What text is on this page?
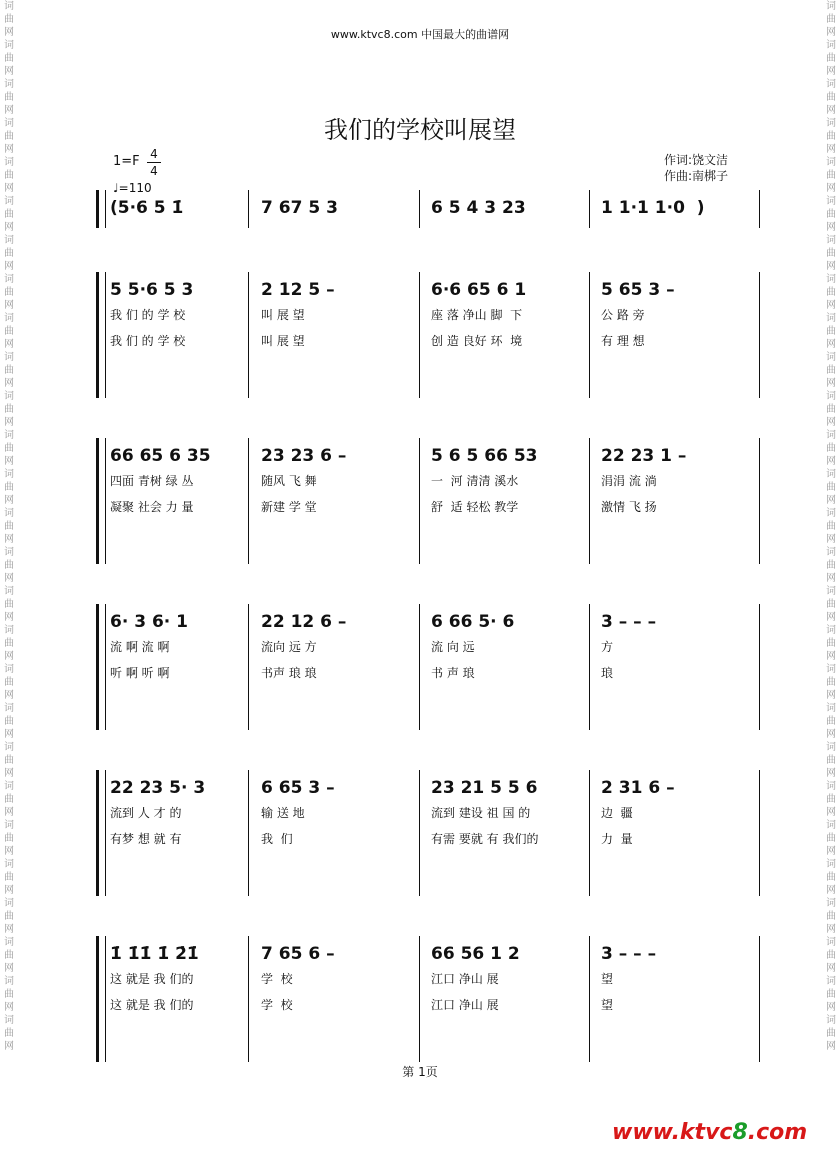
www.ktvc8.com 中国最大的曲谱网
词曲网词曲网词曲网词曲网词曲网词曲网词曲网词曲网词曲网词曲网词曲网词曲网词曲网词曲网词曲网词曲网词曲网词曲网词曲网词曲网词曲网词曲网词曲网词曲网词曲网词曲网词曲网
词曲网词曲网词曲网词曲网词曲网词曲网词曲网词曲网词曲网词曲网词曲网词曲网词曲网词曲网词曲网词曲网词曲网词曲网词曲网词曲网词曲网词曲网词曲网词曲网词曲网词曲网词曲网
我们的学校叫展望
1=F 4
4
♩=110
作词:饶文洁
作曲:南梆子
(5·6 5 1̇	7 67 5 3	6 5 4 3 23	1 1·1 1·0  )
5 5·6 5 3	2 12 5 –	6·6 65 6 1	5 65 3 –
我 们 的 学 校	叫 展 望	座 落 净山 脚  下	公 路 旁
我 们 的 学 校	叫 展 望	创 造 良好 环  境	有 理 想
66 65 6 35	23 23 6 –	5 6 5 66 53	22 23 1 –
四面 青树 绿 丛	随风 飞 舞	一  河 清清 溪水	涓涓 流 淌
凝聚 社会 力 量	新建 学 堂	舒  适 轻松 教学	激情 飞 扬
6· 3 6· 1	22 12 6 –	6 66 5· 6	3 – – –
流 啊 流 啊	流向 远 方	流 向 远	方
听 啊 听 啊	书声 琅 琅	书 声 琅	琅
22 23 5· 3	6 65 3 –	23 21 5 5 6	2 31 6 –
流到 人 才 的	输 送 地	流到 建设 祖 国 的	边  疆
有梦 想 就 有	我  们	有需 要就 有 我们的	力  量
1̇ 1̇1̇ 1̇ 2̇1̇	7 65 6 –	66 56 1 2	3 – – –
这 就是 我 们的	学  校	江口 净山 展	望
这 就是 我 们的	学  校	江口 净山 展	望
第 1页
www.ktvc8.com
